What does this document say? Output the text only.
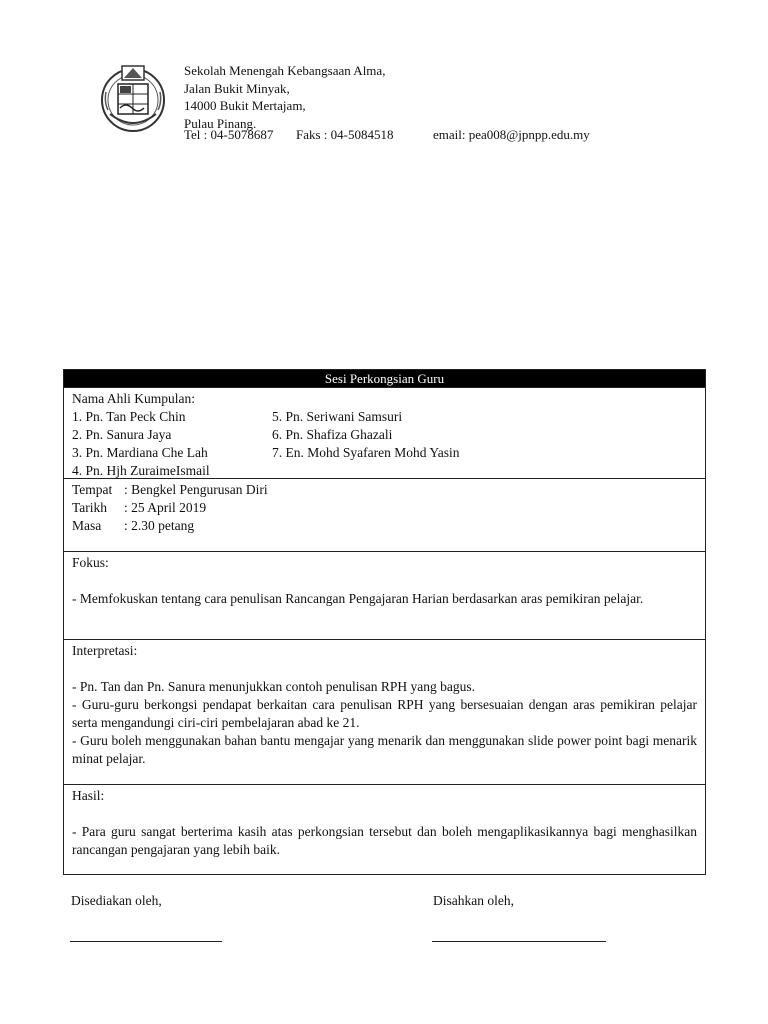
Sekolah Menengah Kebangsaan Alma,
Jalan Bukit Minyak,
14000 Bukit Mertajam,
Pulau Pinang.
Tel : 04-5078687 Faks : 04-5084518	email: pea008@jpnpp.edu.my
Sesi Perkongsian Guru
Nama Ahli Kumpulan:
1. Pn. Tan Peck Chin
2. Pn. Sanura Jaya
3. Pn. Mardiana Che Lah
4. Pn. Hjh ZuraimeIsmail
5. Pn. Seriwani Samsuri
6. Pn. Shafiza Ghazali
7. En. Mohd Syafaren Mohd Yasin
Tempat : Bengkel Pengurusan Diri
Tarikh : 25 April 2019
Masa : 2.30 petang
Fokus:
- Memfokuskan tentang cara penulisan Rancangan Pengajaran Harian berdasarkan aras pemikiran pelajar.
Interpretasi:
- Pn. Tan dan Pn. Sanura menunjukkan contoh penulisan RPH yang bagus.
- Guru-guru berkongsi pendapat berkaitan cara penulisan RPH yang bersesuaian dengan aras pemikiran pelajar serta mengandungi ciri-ciri pembelajaran abad ke 21.
- Guru boleh menggunakan bahan bantu mengajar yang menarik dan menggunakan slide power point bagi menarik minat pelajar.
Hasil:
- Para guru sangat berterima kasih atas perkongsian tersebut dan boleh mengaplikasikannya bagi menghasilkan rancangan pengajaran yang lebih baik.
Disediakan oleh,	Disahkan oleh,
